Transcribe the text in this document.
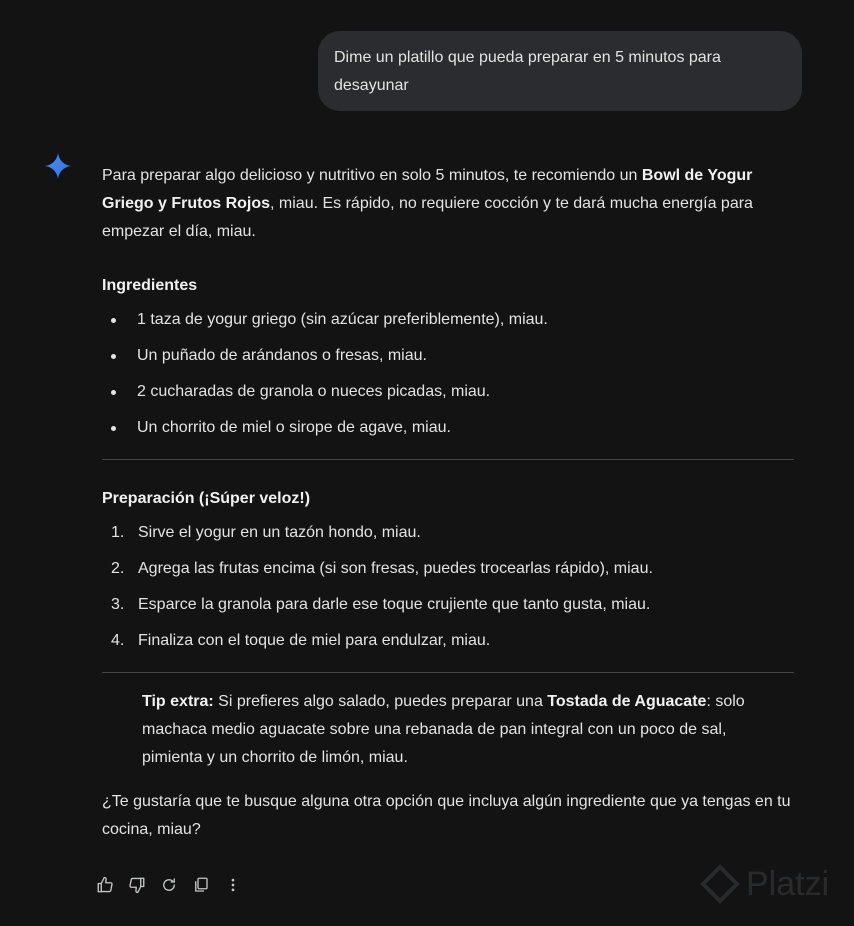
Dime un platillo que pueda preparar en 5 minutos para desayunar

Para preparar algo delicioso y nutritivo en solo 5 minutos, te recomiendo un Bowl de Yogur Griego y Frutos Rojos, miau. Es rápido, no requiere cocción y te dará mucha energía para empezar el día, miau.

Ingredientes
1 taza de yogur griego (sin azúcar preferiblemente), miau.
Un puñado de arándanos o fresas, miau.
2 cucharadas de granola o nueces picadas, miau.
Un chorrito de miel o sirope de agave, miau.
Preparación (¡Súper veloz!)
1. Sirve el yogur en un tazón hondo, miau.
2. Agrega las frutas encima (si son fresas, puedes trocearlas rápido), miau.
3. Esparce la granola para darle ese toque crujiente que tanto gusta, miau.
4. Finaliza con el toque de miel para endulzar, miau.
Tip extra: Si prefieres algo salado, puedes preparar una Tostada de Aguacate: solo machaca medio aguacate sobre una rebanada de pan integral con un poco de sal, pimienta y un chorrito de limón, miau.

¿Te gustaría que te busque alguna otra opción que incluya algún ingrediente que ya tengas en tu cocina, miau?

Platzi
